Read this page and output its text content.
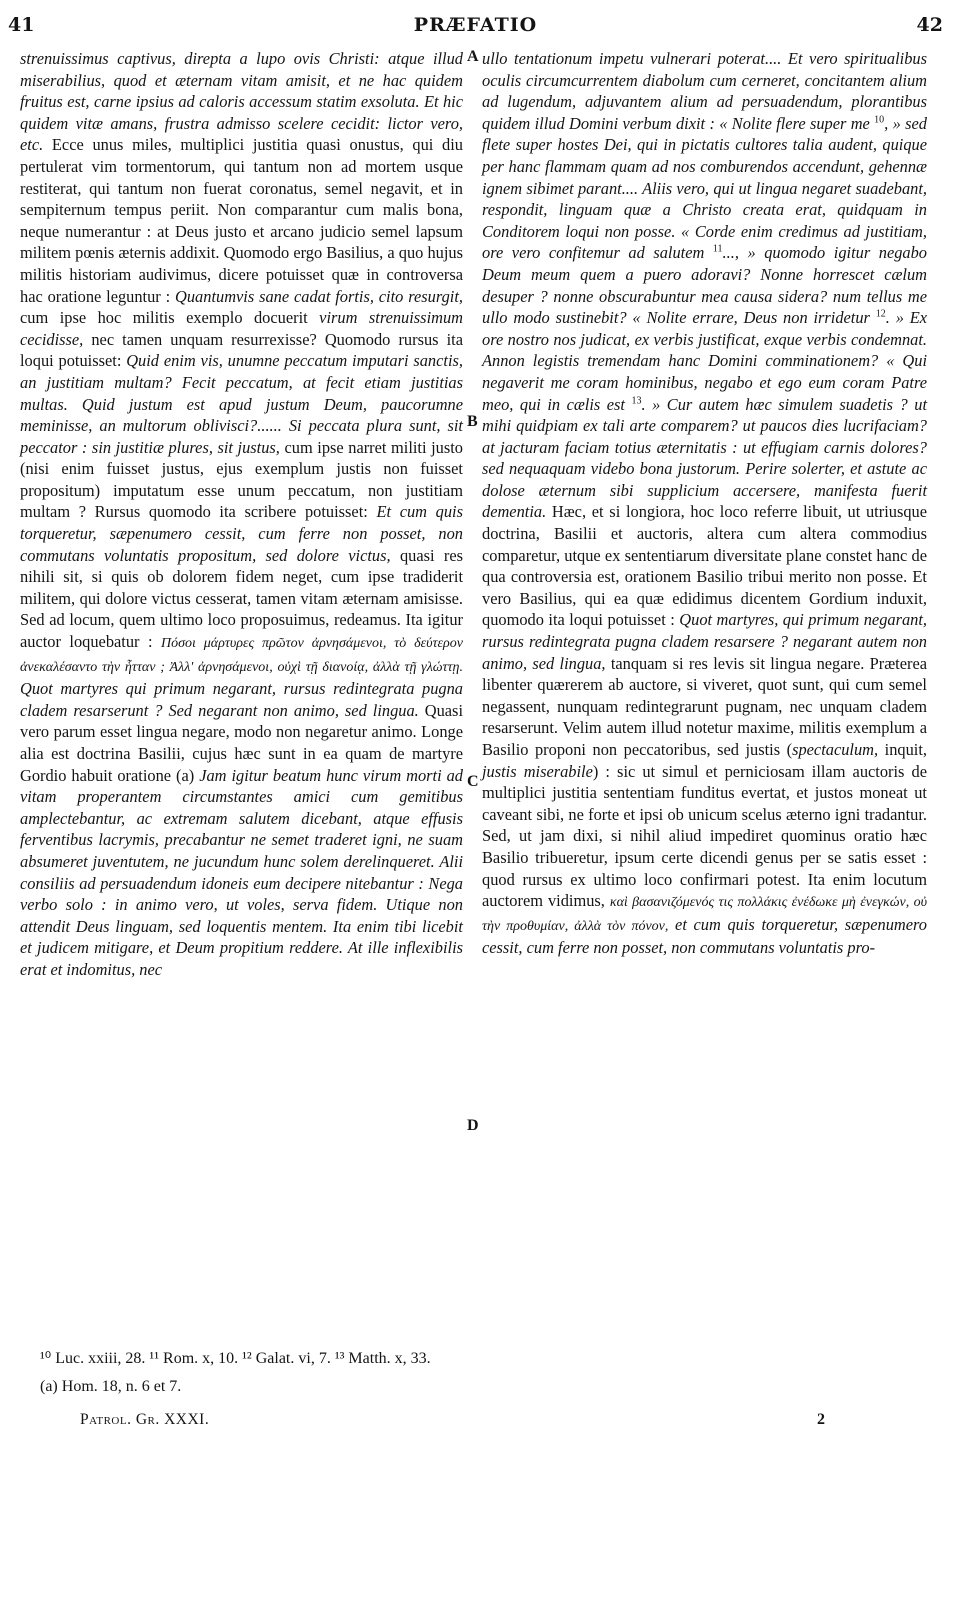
41	PRÆFATIO	42

strenuissimus captivus, direpta a lupo ovis Christi: atque illud miserabilius, quod et æternam vitam amisit, et ne hac quidem fruitus est, carne ipsius ad caloris accessum statim exsoluta. Et hic quidem vitæ amans, frustra admisso scelere cecidit: lictor vero, etc. Ecce unus miles, multiplici justitia quasi onustus, qui diu pertulerat vim tormentorum, qui tantum non ad mortem usque restiterat, qui tantum non fuerat coronatus, semel negavit, et in sempiternum tempus periit. Non comparantur cum malis bona, neque numerantur : at Deus justo et arcano judicio semel lapsum militem pœnis æternis addixit. Quomodo ergo Basilius, a quo hujus militis historiam audivimus, dicere potuisset quæ in controversa hac oratione leguntur : Quantumvis sane cadat fortis, cito resurgit, cum ipse hoc militis exemplo docuerit virum strenuissimum cecidisse, nec tamen unquam resurrexisse? Quomodo rursus ita loqui potuisset: Quid enim vis, unumne peccatum imputari sanctis, an justitiam multam? Fecit peccatum, at fecit etiam justitias multas. Quid justum est apud justum Deum, paucorumne meminisse, an multorum oblivisci?...... Si peccata plura sunt, sit peccator : sin justitiæ plures, sit justus, cum ipse narret militi justo (nisi enim fuisset justus, ejus exemplum justis non fuisset propositum) imputatum esse unum peccatum, non justitiam multam ? Rursus quomodo ita scribere potuisset: Et cum quis torqueretur, sæpenumero cessit, cum ferre non posset, non commutans voluntatis propositum, sed dolore victus, quasi res nihili sit, si quis ob dolorem fidem neget, cum ipse tradiderit militem, qui dolore victus cesserat, tamen vitam æternam amisisse. Sed ad locum, quem ultimo loco proposuimus, redeamus. Ita igitur auctor loquebatur : Πόσοι μάρτυρες πρῶτον ἀρνησάμενοι, τὸ δεύτερον ἀνεκαλέσαντο τὴν ἧτταν ; Ἀλλ' ἀρνησάμενοι, οὐχὶ τῇ διανοίᾳ, ἀλλὰ τῇ γλώττῃ. Quot martyres qui primum negarant, rursus redintegrata pugna cladem resarserunt ? Sed negarant non animo, sed lingua. Quasi vero parum esset lingua negare, modo non negaretur animo. Longe alia est doctrina Basilii, cujus hæc sunt in ea quam de martyre Gordio habuit oratione (a) Jam igitur beatum hunc virum morti ad vitam properantem circumstantes amici cum gemitibus amplectebantur, ac extremam salutem dicebant, atque effusis ferventibus lacrymis, precabantur ne semet traderet igni, ne suam absumeret juventutem, ne jucundum hunc solem derelinqueret. Alii consiliis ad persuadendum idoneis eum decipere nitebantur : Nega verbo solo : in animo vero, ut voles, serva fidem. Utique non attendit Deus linguam, sed loquentis mentem. Ita enim tibi licebit et judicem mitigare, et Deum propitium reddere. At ille inflexibilis erat et indomitus, nec

A
B
C
D

ullo tentationum impetu vulnerari poterat.... Et vero spiritualibus oculis circumcurrentem diabolum cum cerneret, concitantem alium ad lugendum, adjuvantem alium ad persuadendum, plorantibus quidem illud Domini verbum dixit : « Nolite flere super me $^{10}$, » sed flete super hostes Dei, qui in pictatis cultores talia audent, quique per hanc flammam quam ad nos comburendos accendunt, gehennæ ignem sibimet parant.... Aliis vero, qui ut lingua negaret suadebant, respondit, linguam quæ a Christo creata erat, quidquam in Conditorem loqui non posse. « Corde enim credimus ad justitiam, ore vero confitemur ad salutem $^{11}$..., » quomodo igitur negabo Deum meum quem a puero adoravi? Nonne horrescet cælum desuper ? nonne obscurabuntur mea causa sidera? num tellus me ullo modo sustinebit? « Nolite errare, Deus non irridetur $^{12}$. » Ex ore nostro nos judicat, ex verbis justificat, exque verbis condemnat. Annon legistis tremendam hanc Domini comminationem? « Qui negaverit me coram hominibus, negabo et ego eum coram Patre meo, qui in cælis est $^{13}$. » Cur autem hæc simulem suadetis ? ut mihi quidpiam ex tali arte comparem? ut paucos dies lucrifaciam? at jacturam faciam totius æternitatis : ut effugiam carnis dolores? sed nequaquam videbo bona justorum. Perire solerter, et astute ac dolose æternum sibi supplicium accersere, manifesta fuerit dementia. Hæc, et si longiora, hoc loco referre libuit, ut utriusque doctrina, Basilii et auctoris, altera cum altera commodius comparetur, utque ex sententiarum diversitate plane constet hanc de qua controversia est, orationem Basilio tribui merito non posse. Et vero Basilius, qui ea quæ edidimus dicentem Gordium induxit, quomodo ita loqui potuisset : Quot martyres, qui primum negarant, rursus redintegrata pugna cladem resarsere ? negarant autem non animo, sed lingua, tanquam si res levis sit lingua negare. Præterea libenter quærerem ab auctore, si viveret, quot sunt, qui cum semel negassent, nunquam redintegrarunt pugnam, nec unquam cladem resarserunt. Velim autem illud notetur maxime, militis exemplum a Basilio proponi non peccatoribus, sed justis (spectaculum, inquit, justis miserabile) : sic ut simul et perniciosam illam auctoris de multiplici justitia sententiam funditus evertat, et justos moneat ut caveant sibi, ne forte et ipsi ob unicum scelus æterno igni tradantur. Sed, ut jam dixi, si nihil aliud impediret quominus oratio hæc Basilio tribueretur, ipsum certe dicendi genus per se satis esset : quod rursus ex ultimo loco confirmari potest. Ita enim locutum auctorem vidimus, καὶ βασανιζόμενός τις πολλάκις ἐνέδωκε μὴ ἐνεγκών, οὐ τὴν προθυμίαν, ἀλλὰ τὸν πόνον, et cum quis torqueretur, sæpenumero cessit, cum ferre non posset, non commutans voluntatis pro-

¹⁰ Luc. xxiii, 28. ¹¹ Rom. x, 10. ¹² Galat. vi, 7. ¹³ Matth. x, 33.
(a) Hom. 18, n. 6 et 7.
Patrol. Gr. XXXI.	2
